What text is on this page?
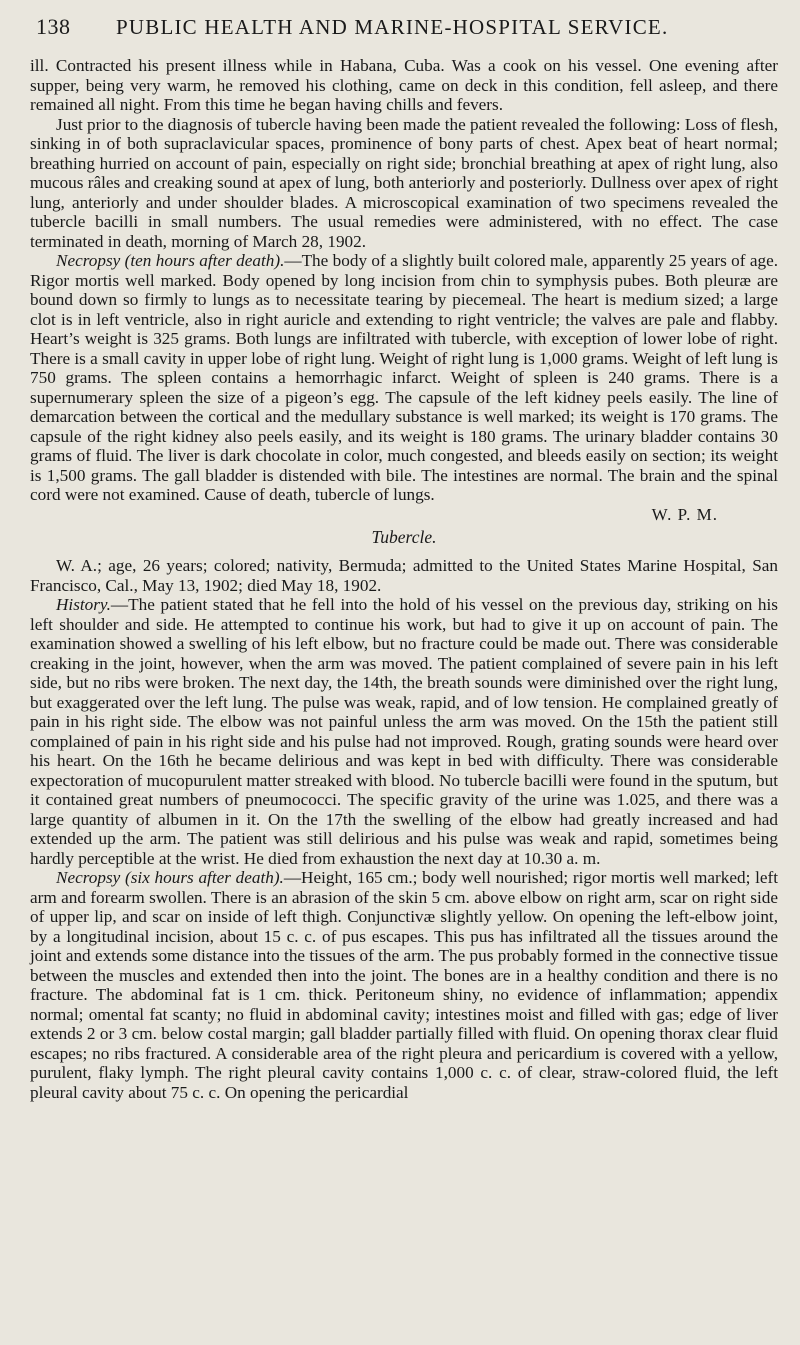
138	PUBLIC HEALTH AND MARINE-HOSPITAL SERVICE.

ill. Contracted his present illness while in Habana, Cuba. Was a cook on his vessel. One evening after supper, being very warm, he removed his clothing, came on deck in this condition, fell asleep, and there remained all night. From this time he began having chills and fevers.

Just prior to the diagnosis of tubercle having been made the patient revealed the following: Loss of flesh, sinking in of both supraclavicular spaces, prominence of bony parts of chest. Apex beat of heart normal; breathing hurried on account of pain, especially on right side; bronchial breathing at apex of right lung, also mucous râles and creaking sound at apex of lung, both anteriorly and posteriorly. Dullness over apex of right lung, anteriorly and under shoulder blades. A microscopical examination of two specimens revealed the tubercle bacilli in small numbers. The usual remedies were administered, with no effect. The case terminated in death, morning of March 28, 1902.

Necropsy (ten hours after death).—The body of a slightly built colored male, apparently 25 years of age. Rigor mortis well marked. Body opened by long incision from chin to symphysis pubes. Both pleuræ are bound down so firmly to lungs as to necessitate tearing by piecemeal. The heart is medium sized; a large clot is in left ventricle, also in right auricle and extending to right ventricle; the valves are pale and flabby. Heart’s weight is 325 grams. Both lungs are infiltrated with tubercle, with exception of lower lobe of right. There is a small cavity in upper lobe of right lung. Weight of right lung is 1,000 grams. Weight of left lung is 750 grams. The spleen contains a hemorrhagic infarct. Weight of spleen is 240 grams. There is a supernumerary spleen the size of a pigeon’s egg. The capsule of the left kidney peels easily. The line of demarcation between the cortical and the medullary substance is well marked; its weight is 170 grams. The capsule of the right kidney also peels easily, and its weight is 180 grams. The urinary bladder contains 30 grams of fluid. The liver is dark chocolate in color, much congested, and bleeds easily on section; its weight is 1,500 grams. The gall bladder is distended with bile. The intestines are normal. The brain and the spinal cord were not examined. Cause of death, tubercle of lungs.

W. P. M.
Tubercle.

W. A.; age, 26 years; colored; nativity, Bermuda; admitted to the United States Marine Hospital, San Francisco, Cal., May 13, 1902; died May 18, 1902.

History.—The patient stated that he fell into the hold of his vessel on the previous day, striking on his left shoulder and side. He attempted to continue his work, but had to give it up on account of pain. The examination showed a swelling of his left elbow, but no fracture could be made out. There was considerable creaking in the joint, however, when the arm was moved. The patient complained of severe pain in his left side, but no ribs were broken. The next day, the 14th, the breath sounds were diminished over the right lung, but exaggerated over the left lung. The pulse was weak, rapid, and of low tension. He complained greatly of pain in his right side. The elbow was not painful unless the arm was moved. On the 15th the patient still complained of pain in his right side and his pulse had not improved. Rough, grating sounds were heard over his heart. On the 16th he became delirious and was kept in bed with difficulty. There was considerable expectoration of mucopurulent matter streaked with blood. No tubercle bacilli were found in the sputum, but it contained great numbers of pneumococci. The specific gravity of the urine was 1.025, and there was a large quantity of albumen in it. On the 17th the swelling of the elbow had greatly increased and had extended up the arm. The patient was still delirious and his pulse was weak and rapid, sometimes being hardly perceptible at the wrist. He died from exhaustion the next day at 10.30 a. m.

Necropsy (six hours after death).—Height, 165 cm.; body well nourished; rigor mortis well marked; left arm and forearm swollen. There is an abrasion of the skin 5 cm. above elbow on right arm, scar on right side of upper lip, and scar on inside of left thigh. Conjunctivæ slightly yellow. On opening the left-elbow joint, by a longitudinal incision, about 15 c. c. of pus escapes. This pus has infiltrated all the tissues around the joint and extends some distance into the tissues of the arm. The pus probably formed in the connective tissue between the muscles and extended then into the joint. The bones are in a healthy condition and there is no fracture. The abdominal fat is 1 cm. thick. Peritoneum shiny, no evidence of inflammation; appendix normal; omental fat scanty; no fluid in abdominal cavity; intestines moist and filled with gas; edge of liver extends 2 or 3 cm. below costal margin; gall bladder partially filled with fluid. On opening thorax clear fluid escapes; no ribs fractured. A considerable area of the right pleura and pericardium is covered with a yellow, purulent, flaky lymph. The right pleural cavity contains 1,000 c. c. of clear, straw-colored fluid, the left pleural cavity about 75 c. c. On opening the pericardial
